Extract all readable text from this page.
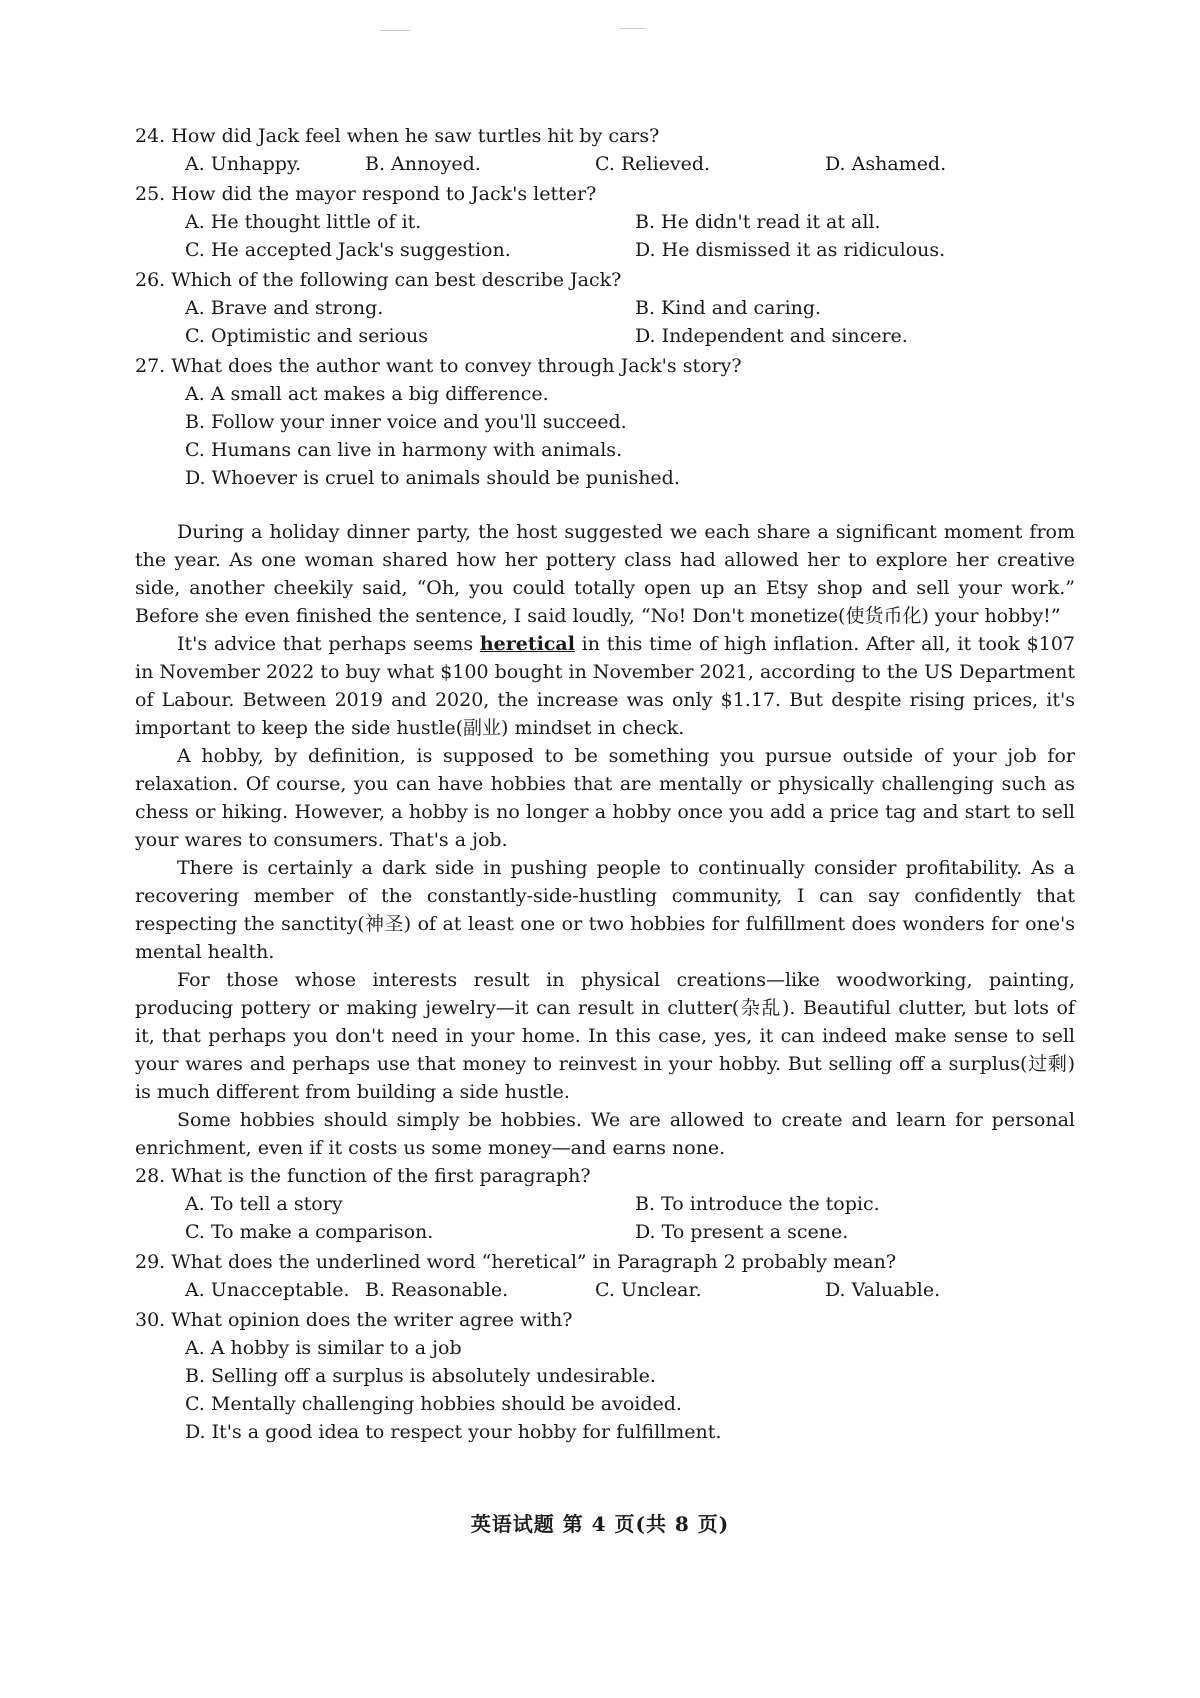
24. How did Jack feel when he saw turtles hit by cars?

A. Unhappy.	B. Annoyed.	C. Relieved.	D. Ashamed.

25. How did the mayor respond to Jack's letter?

A. He thought little of it.	B. He didn't read it at all.
C. He accepted Jack's suggestion.	D. He dismissed it as ridiculous.

26. Which of the following can best describe Jack?

A. Brave and strong.	B. Kind and caring.
C. Optimistic and serious	D. Independent and sincere.

27. What does the author want to convey through Jack's story?

A. A small act makes a big difference.
B. Follow your inner voice and you'll succeed.
C. Humans can live in harmony with animals.
D. Whoever is cruel to animals should be punished.

During a holiday dinner party, the host suggested we each share a significant moment from the year. As one woman shared how her pottery class had allowed her to explore her creative side, another cheekily said, “Oh, you could totally open up an Etsy shop and sell your work.” Before she even finished the sentence, I said loudly, “No! Don't monetize(使货币化) your hobby!”

It's advice that perhaps seems heretical in this time of high inflation. After all, it took $107 in November 2022 to buy what $100 bought in November 2021, according to the US Department of Labour. Between 2019 and 2020, the increase was only $1.17. But despite rising prices, it's important to keep the side hustle(副业) mindset in check.

A hobby, by definition, is supposed to be something you pursue outside of your job for relaxation. Of course, you can have hobbies that are mentally or physically challenging such as chess or hiking. However, a hobby is no longer a hobby once you add a price tag and start to sell your wares to consumers. That's a job.

There is certainly a dark side in pushing people to continually consider profitability. As a recovering member of the constantly-side-hustling community, I can say confidently that respecting the sanctity(神圣) of at least one or two hobbies for fulfillment does wonders for one's mental health.

For those whose interests result in physical creations—like woodworking, painting, producing pottery or making jewelry—it can result in clutter(杂乱). Beautiful clutter, but lots of it, that perhaps you don't need in your home. In this case, yes, it can indeed make sense to sell your wares and perhaps use that money to reinvest in your hobby. But selling off a surplus(过剩) is much different from building a side hustle.

Some hobbies should simply be hobbies. We are allowed to create and learn for personal enrichment, even if it costs us some money—and earns none.

28. What is the function of the first paragraph?

A. To tell a story	B. To introduce the topic.
C. To make a comparison.	D. To present a scene.

29. What does the underlined word “heretical” in Paragraph 2 probably mean?

A. Unacceptable. B. Reasonable.	C. Unclear.	D. Valuable.

30. What opinion does the writer agree with?

A. A hobby is similar to a job
B. Selling off a surplus is absolutely undesirable.
C. Mentally challenging hobbies should be avoided.
D. It's a good idea to respect your hobby for fulfillment.
英语试题 第 4 页(共 8 页)
